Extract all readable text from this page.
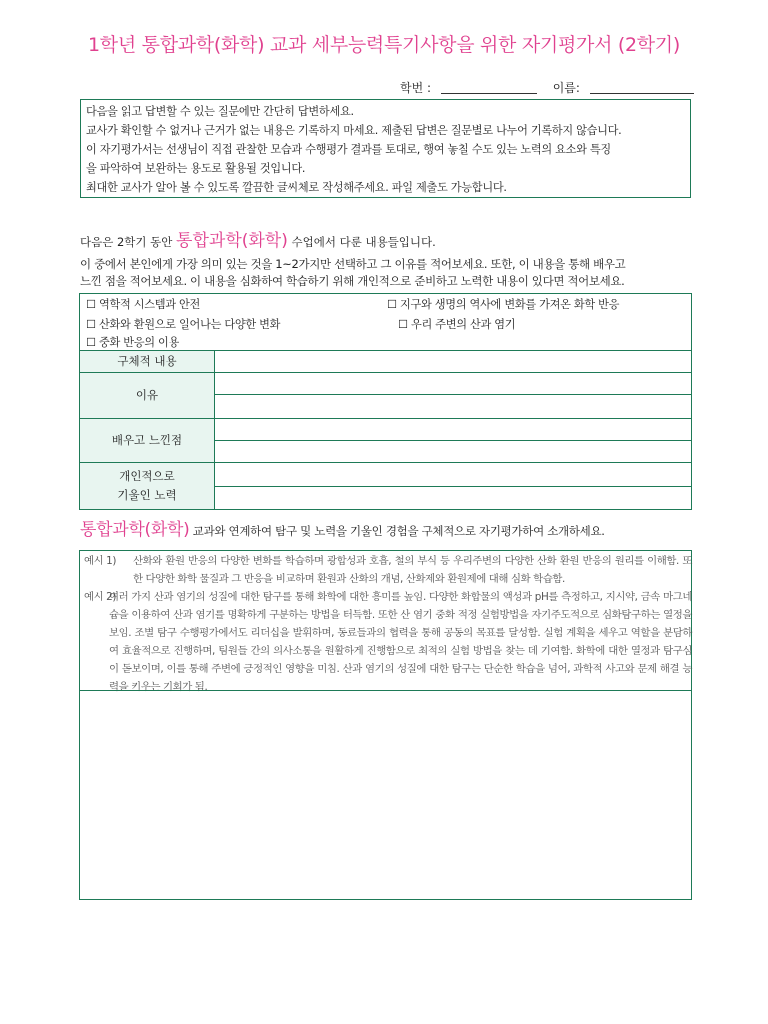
1학년 통합과학(화학) 교과 세부능력특기사항을 위한 자기평가서 (2학기)
학번 :	이름:
다음을 읽고 답변할 수 있는 질문에만 간단히 답변하세요.
교사가 확인할 수 없거나 근거가 없는 내용은 기록하지 마세요. 제출된 답변은 질문별로 나누어 기록하지 않습니다.
이 자기평가서는 선생님이 직접 관찰한 모습과 수행평가 결과를 토대로, 행여 놓칠 수도 있는 노력의 요소와 특징
을 파악하여 보완하는 용도로 활용될 것입니다.
최대한 교사가 알아 볼 수 있도록 깔끔한 글씨체로 작성해주세요. 파일 제출도 가능합니다.
다음은 2학기 동안 통합과학(화학) 수업에서 다룬 내용들입니다.
이 중에서 본인에게 가장 의미 있는 것을 1~2가지만 선택하고 그 이유를 적어보세요. 또한, 이 내용을 통해 배우고
느낀 점을 적어보세요. 이 내용을 심화하여 학습하기 위해 개인적으로 준비하고 노력한 내용이 있다면 적어보세요.
☐ 역학적 시스템과 안전	☐ 지구와 생명의 역사에 변화를 가져온 화학 반응
☐ 산화와 환원으로 일어나는 다양한 변화	☐ 우리 주변의 산과 염기
☐ 중화 반응의 이용
구체적 내용	
이유	

배우고 느낀점	

개인적으로
기울인 노력	

통합과학(화학) 교과와 연계하여 탐구 및 노력을 기울인 경험을 구체적으로 자기평가하여 소개하세요.
예시 1) 산화와 환원 반응의 다양한 변화를 학습하며 광합성과 호흡, 철의 부식 등 우리주변의 다양한 산화 환원 반응의 원리를 이해함. 또한 다양한 화학 물질과 그 반응을 비교하며 환원과 산화의 개념, 산화제와 환원제에 대해 심화 학습함.
예시 2)
여러 가지 산과 염기의 성질에 대한 탐구를 통해 화학에 대한 흥미를 높임. 다양한 화합물의 액성과 pH를 측정하고, 지시약, 금속 마그네슘을 이용하여 산과 염기를 명확하게 구분하는 방법을 터득함. 또한 산 염기 중화 적정 실험방법을 자기주도적으로 심화탐구하는 열정을 보임. 조별 탐구 수행평가에서도 리더십을 발휘하며, 동료들과의 협력을 통해 공동의 목표를 달성함. 실험 계획을 세우고 역할을 분담하여 효율적으로 진행하며, 팀원들 간의 의사소통을 원활하게 진행함으로 최적의 실험 방법을 찾는 데 기여함. 화학에 대한 열정과 탐구심이 돋보이며, 이를 통해 주변에 긍정적인 영향을 미침. 산과 염기의 성질에 대한 탐구는 단순한 학습을 넘어, 과학적 사고와 문제 해결 능력을 키우는 기회가 됨.
